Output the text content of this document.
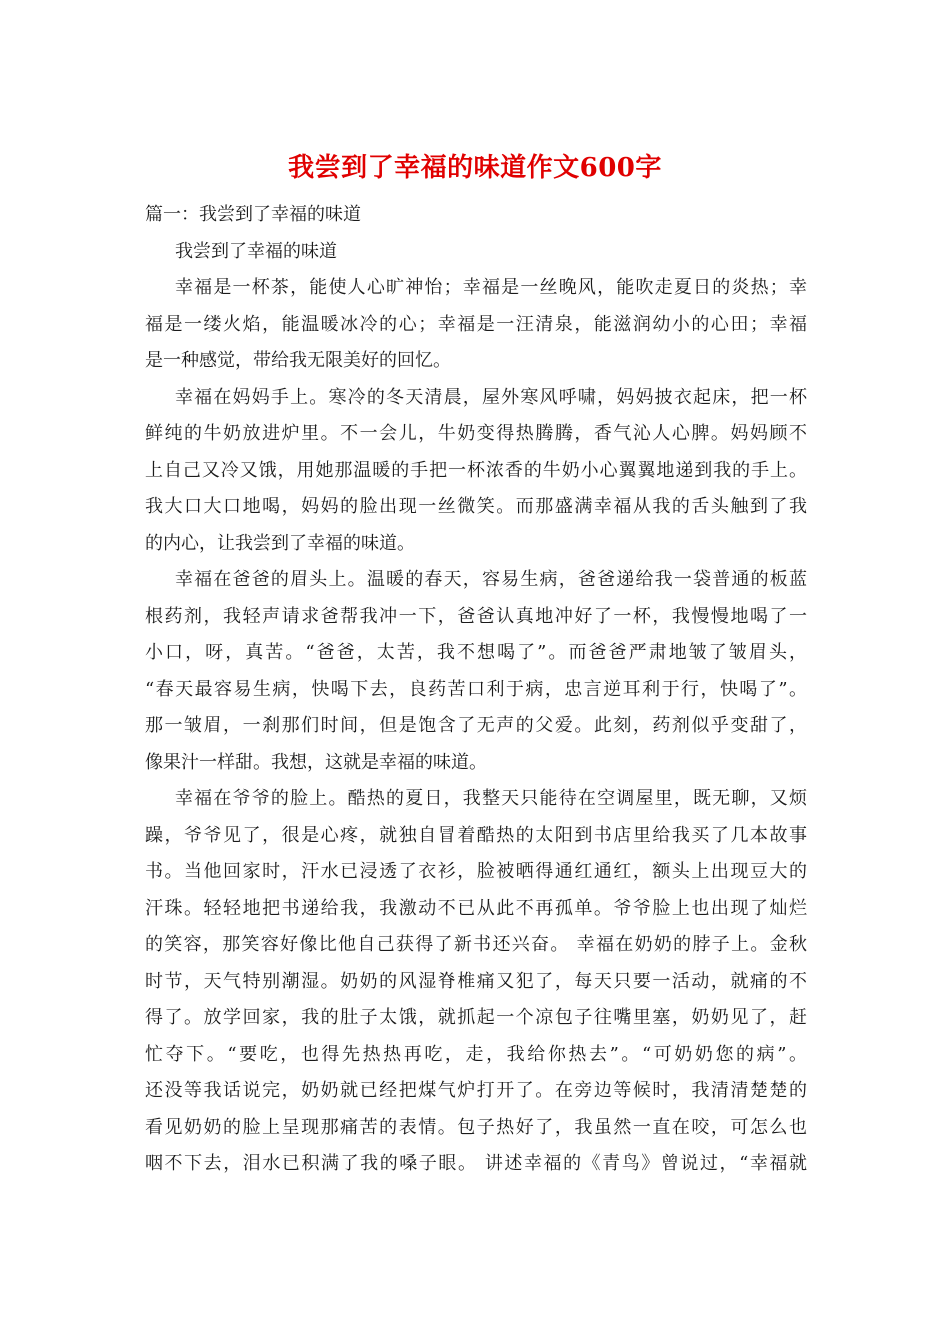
我尝到了幸福的味道作文600字
篇一：我尝到了幸福的味道
我尝到了幸福的味道
幸福是一杯茶，能使人心旷神怡；幸福是一丝晚风，能吹走夏日的炎热；幸
福是一缕火焰，能温暖冰冷的心；幸福是一汪清泉，能滋润幼小的心田；幸福
是一种感觉，带给我无限美好的回忆。
幸福在妈妈手上。寒冷的冬天清晨，屋外寒风呼啸，妈妈披衣起床，把一杯
鲜纯的牛奶放进炉里。不一会儿，牛奶变得热腾腾，香气沁人心脾。妈妈顾不
上自己又冷又饿，用她那温暖的手把一杯浓香的牛奶小心翼翼地递到我的手上。
我大口大口地喝，妈妈的脸出现一丝微笑。而那盛满幸福从我的舌头触到了我
的内心，让我尝到了幸福的味道。
幸福在爸爸的眉头上。温暖的春天，容易生病，爸爸递给我一袋普通的板蓝
根药剂，我轻声请求爸帮我冲一下，爸爸认真地冲好了一杯，我慢慢地喝了一
小口，呀，真苦。“爸爸，太苦，我不想喝了”。而爸爸严肃地皱了皱眉头，
“春天最容易生病，快喝下去，良药苦口利于病，忠言逆耳利于行，快喝了”。
那一皱眉，一刹那们时间，但是饱含了无声的父爱。此刻，药剂似乎变甜了，
像果汁一样甜。我想，这就是幸福的味道。
幸福在爷爷的脸上。酷热的夏日，我整天只能待在空调屋里，既无聊，又烦
躁，爷爷见了，很是心疼，就独自冒着酷热的太阳到书店里给我买了几本故事
书。当他回家时，汗水已浸透了衣衫，脸被晒得通红通红，额头上出现豆大的
汗珠。轻轻地把书递给我，我激动不已从此不再孤单。爷爷脸上也出现了灿烂
的笑容，那笑容好像比他自己获得了新书还兴奋。 幸福在奶奶的脖子上。金秋
时节，天气特别潮湿。奶奶的风湿脊椎痛又犯了，每天只要一活动，就痛的不
得了。放学回家，我的肚子太饿，就抓起一个凉包子往嘴里塞，奶奶见了，赶
忙夺下。“要吃，也得先热热再吃，走，我给你热去”。“可奶奶您的病”。
还没等我话说完，奶奶就已经把煤气炉打开了。在旁边等候时，我清清楚楚的
看见奶奶的脸上呈现那痛苦的表情。包子热好了，我虽然一直在咬，可怎么也
咽不下去，泪水已积满了我的嗓子眼。 讲述幸福的《青鸟》曾说过，“幸福就
